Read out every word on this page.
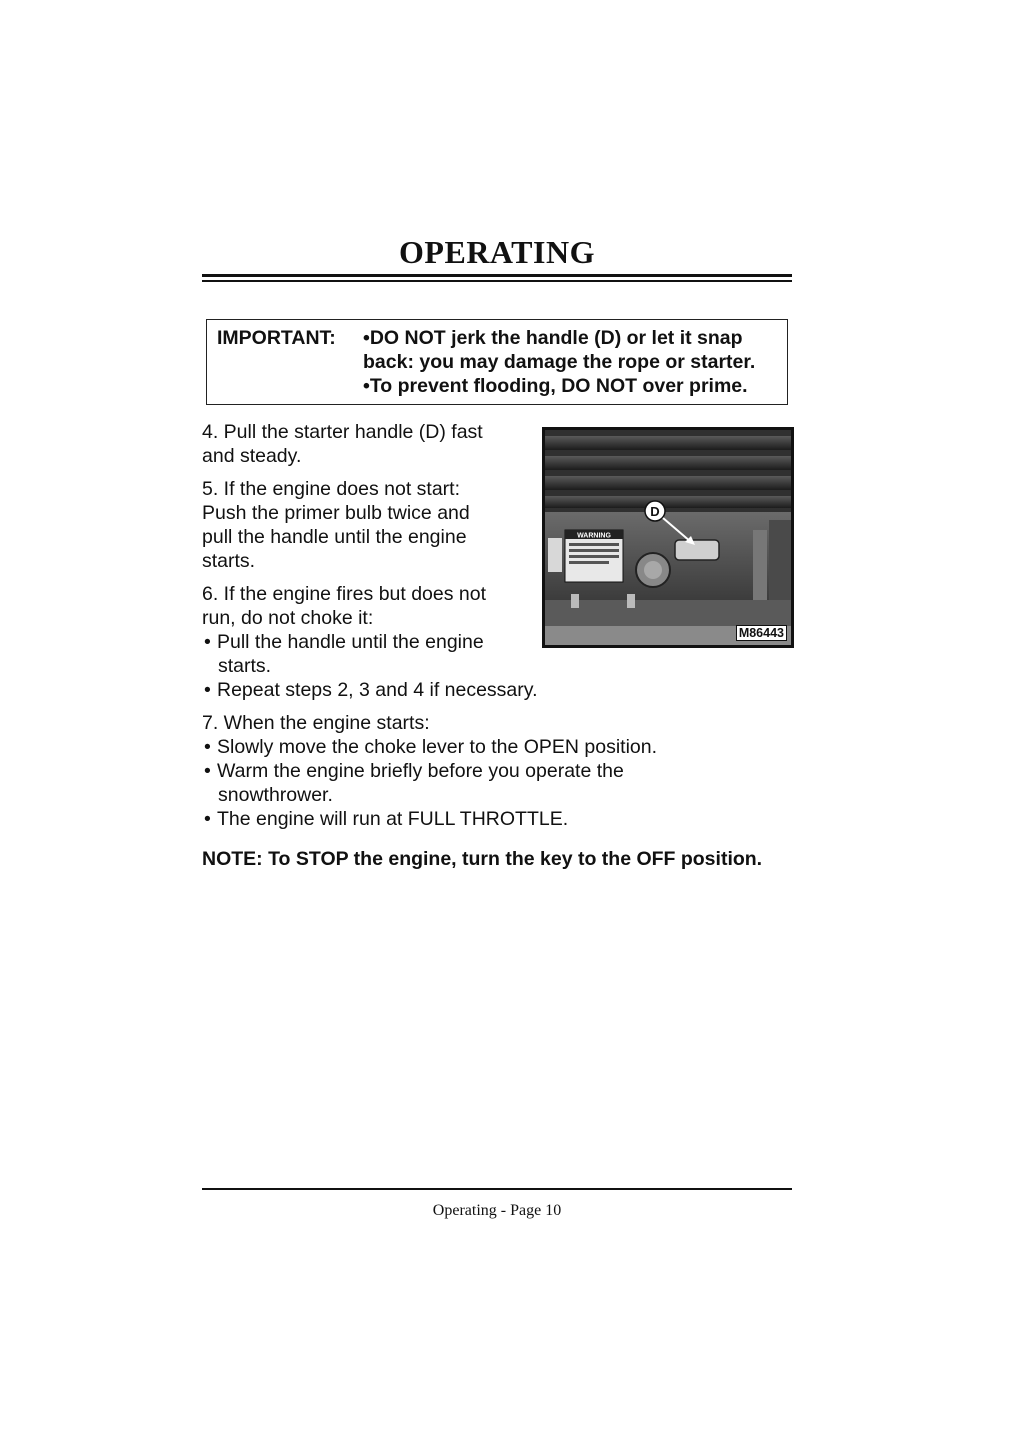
OPERATING
IMPORTANT: •DO NOT jerk the handle (D) or let it snap
back: you may damage the rope or starter.
•To prevent flooding, DO NOT over prime.
4. Pull the starter handle (D) fast
and steady.
5. If the engine does not start:
Push the primer bulb twice and
pull the handle until the engine
starts.
6. If the engine fires but does not
run, do not choke it:
• Pull the handle until the engine
starts.
• Repeat steps 2, 3 and 4 if necessary.
7. When the engine starts:
• Slowly move the choke lever to the OPEN position.
• Warm the engine briefly before you operate the
snowthrower.
• The engine will run at FULL THROTTLE.
NOTE: To STOP the engine, turn the key to the OFF position.
WARNING
D
M86443
Operating - Page 10
